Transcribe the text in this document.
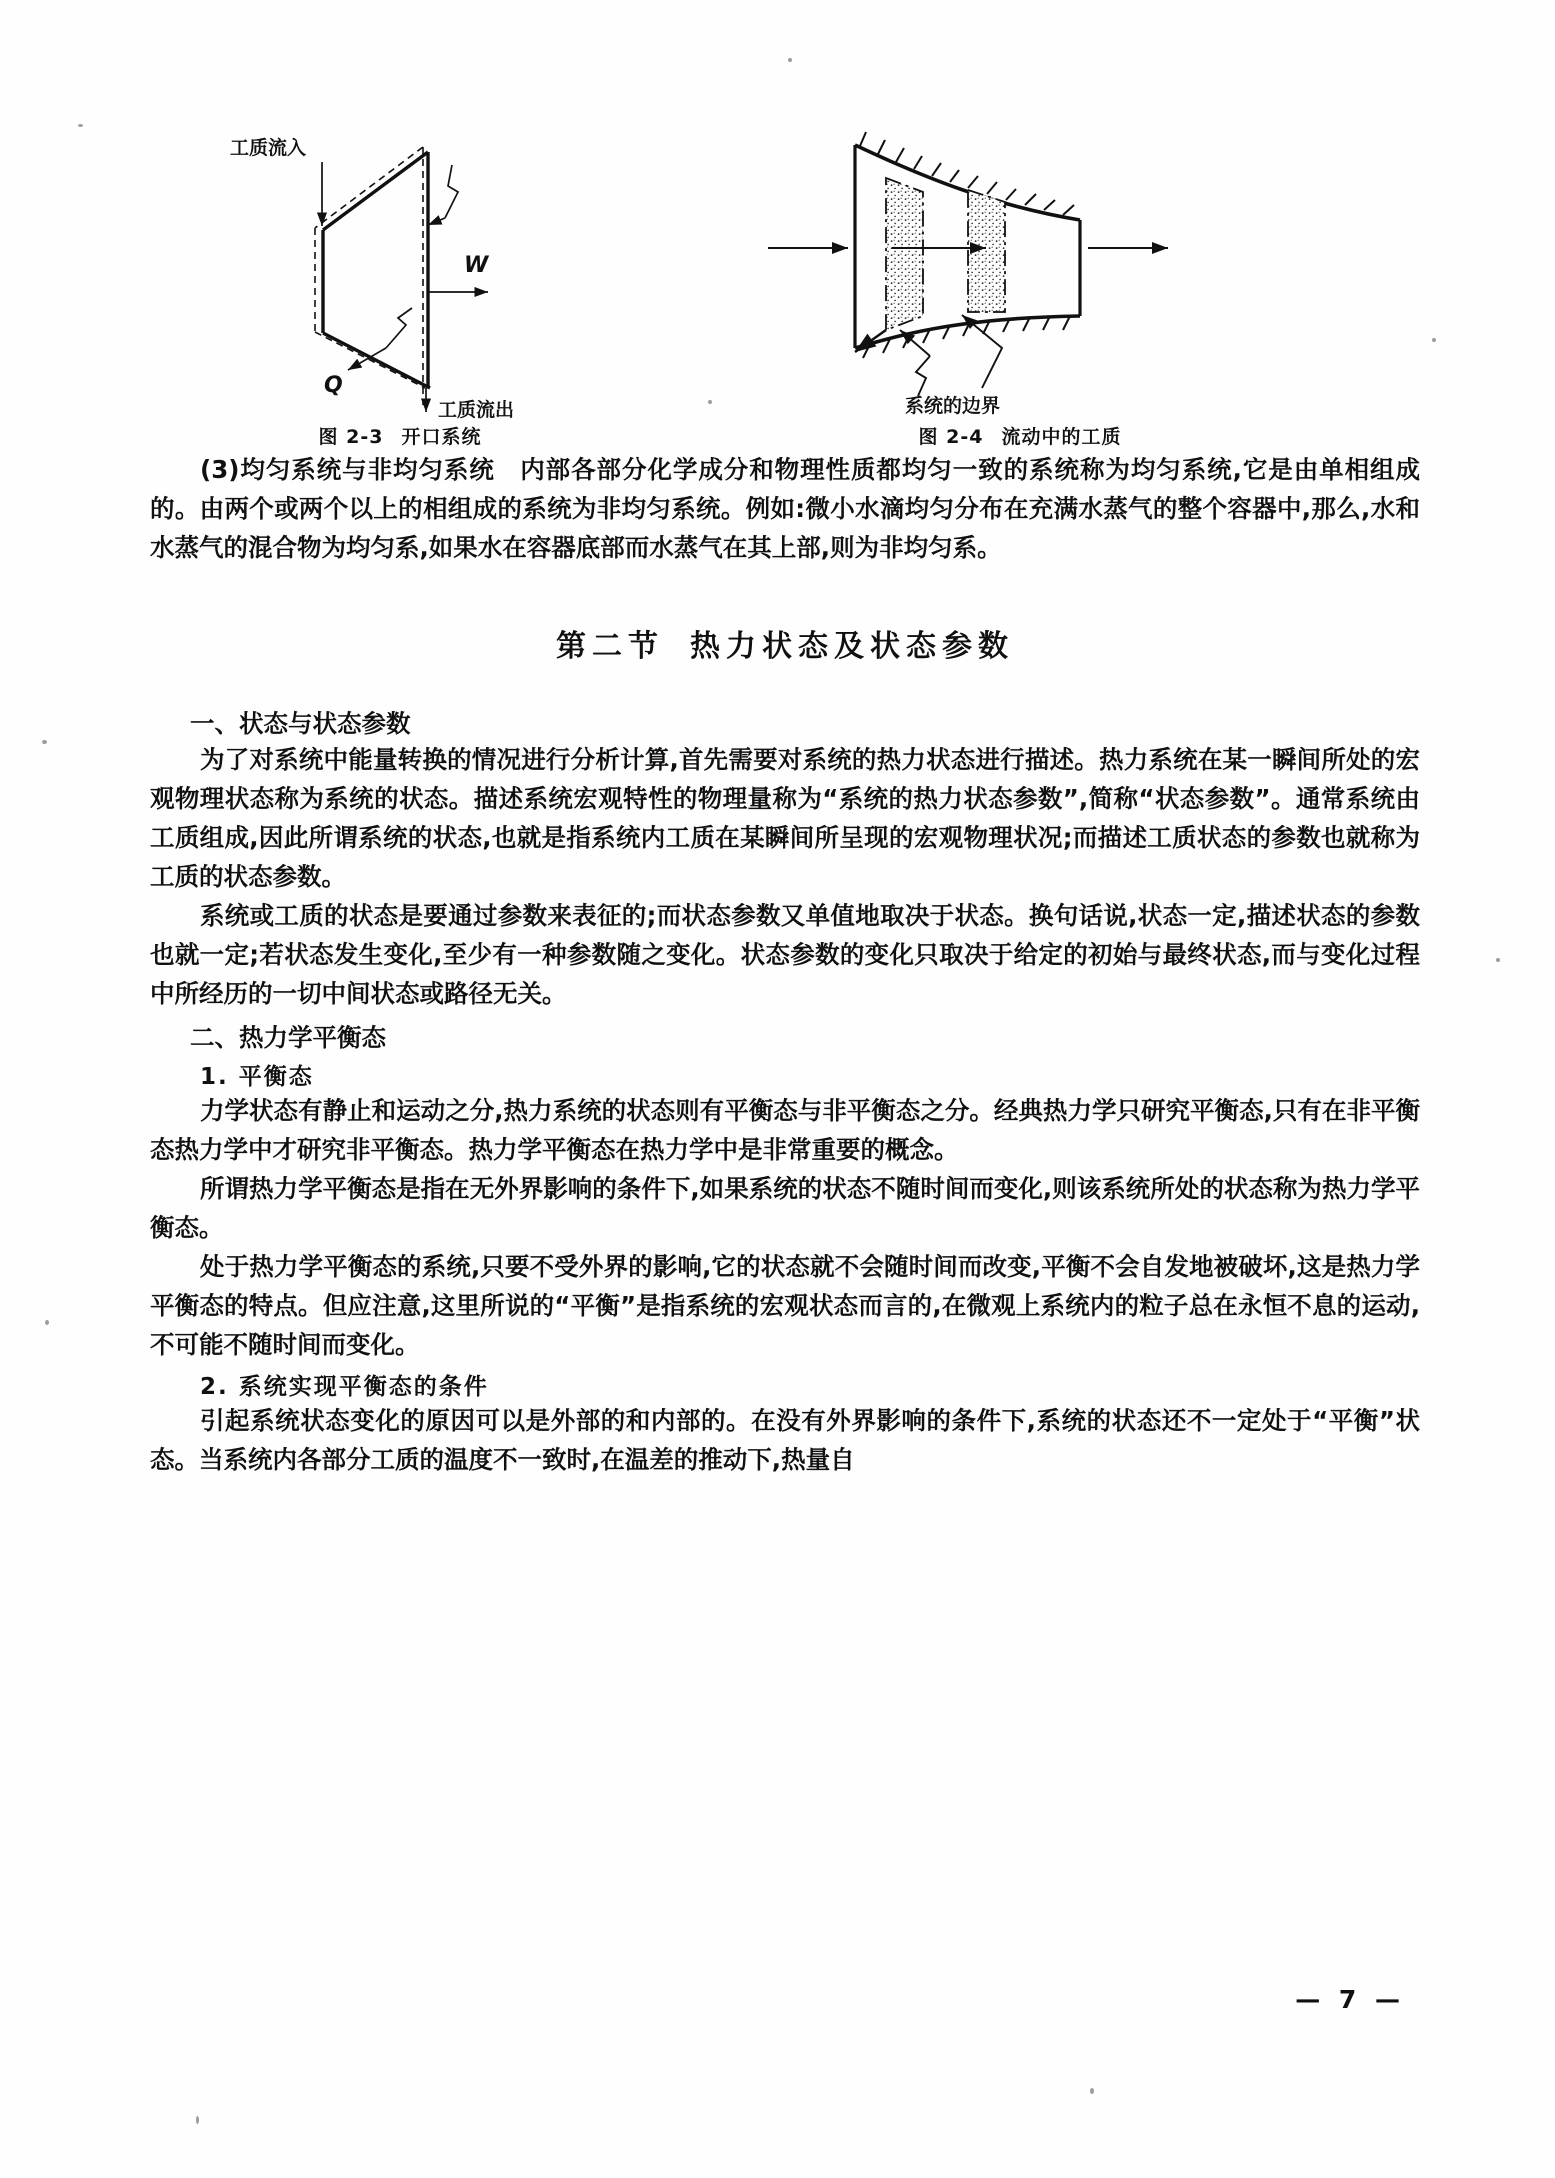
工质流入
W
Q
工质流出
图 2-3 开口系统
系统的边界
图 2-4 流动中的工质

(3)均匀系统与非均匀系统　内部各部分化学成分和物理性质都均匀一致的系统称为均匀系统,它是由单相组成的。由两个或两个以上的相组成的系统为非均匀系统。例如:微小水滴均匀分布在充满水蒸气的整个容器中,那么,水和水蒸气的混合物为均匀系,如果水在容器底部而水蒸气在其上部,则为非均匀系。

第二节 热力状态及状态参数
一、状态与状态参数

为了对系统中能量转换的情况进行分析计算,首先需要对系统的热力状态进行描述。热力系统在某一瞬间所处的宏观物理状态称为系统的状态。描述系统宏观特性的物理量称为“系统的热力状态参数”,简称“状态参数”。通常系统由工质组成,因此所谓系统的状态,也就是指系统内工质在某瞬间所呈现的宏观物理状况;而描述工质状态的参数也就称为工质的状态参数。

系统或工质的状态是要通过参数来表征的;而状态参数又单值地取决于状态。换句话说,状态一定,描述状态的参数也就一定;若状态发生变化,至少有一种参数随之变化。状态参数的变化只取决于给定的初始与最终状态,而与变化过程中所经历的一切中间状态或路径无关。

二、热力学平衡态
1. 平衡态

力学状态有静止和运动之分,热力系统的状态则有平衡态与非平衡态之分。经典热力学只研究平衡态,只有在非平衡态热力学中才研究非平衡态。热力学平衡态在热力学中是非常重要的概念。

所谓热力学平衡态是指在无外界影响的条件下,如果系统的状态不随时间而变化,则该系统所处的状态称为热力学平衡态。

处于热力学平衡态的系统,只要不受外界的影响,它的状态就不会随时间而改变,平衡不会自发地被破坏,这是热力学平衡态的特点。但应注意,这里所说的“平衡”是指系统的宏观状态而言的,在微观上系统内的粒子总在永恒不息的运动,不可能不随时间而变化。

2. 系统实现平衡态的条件

引起系统状态变化的原因可以是外部的和内部的。在没有外界影响的条件下,系统的状态还不一定处于“平衡”状态。当系统内各部分工质的温度不一致时,在温差的推动下,热量自

— 7 —
